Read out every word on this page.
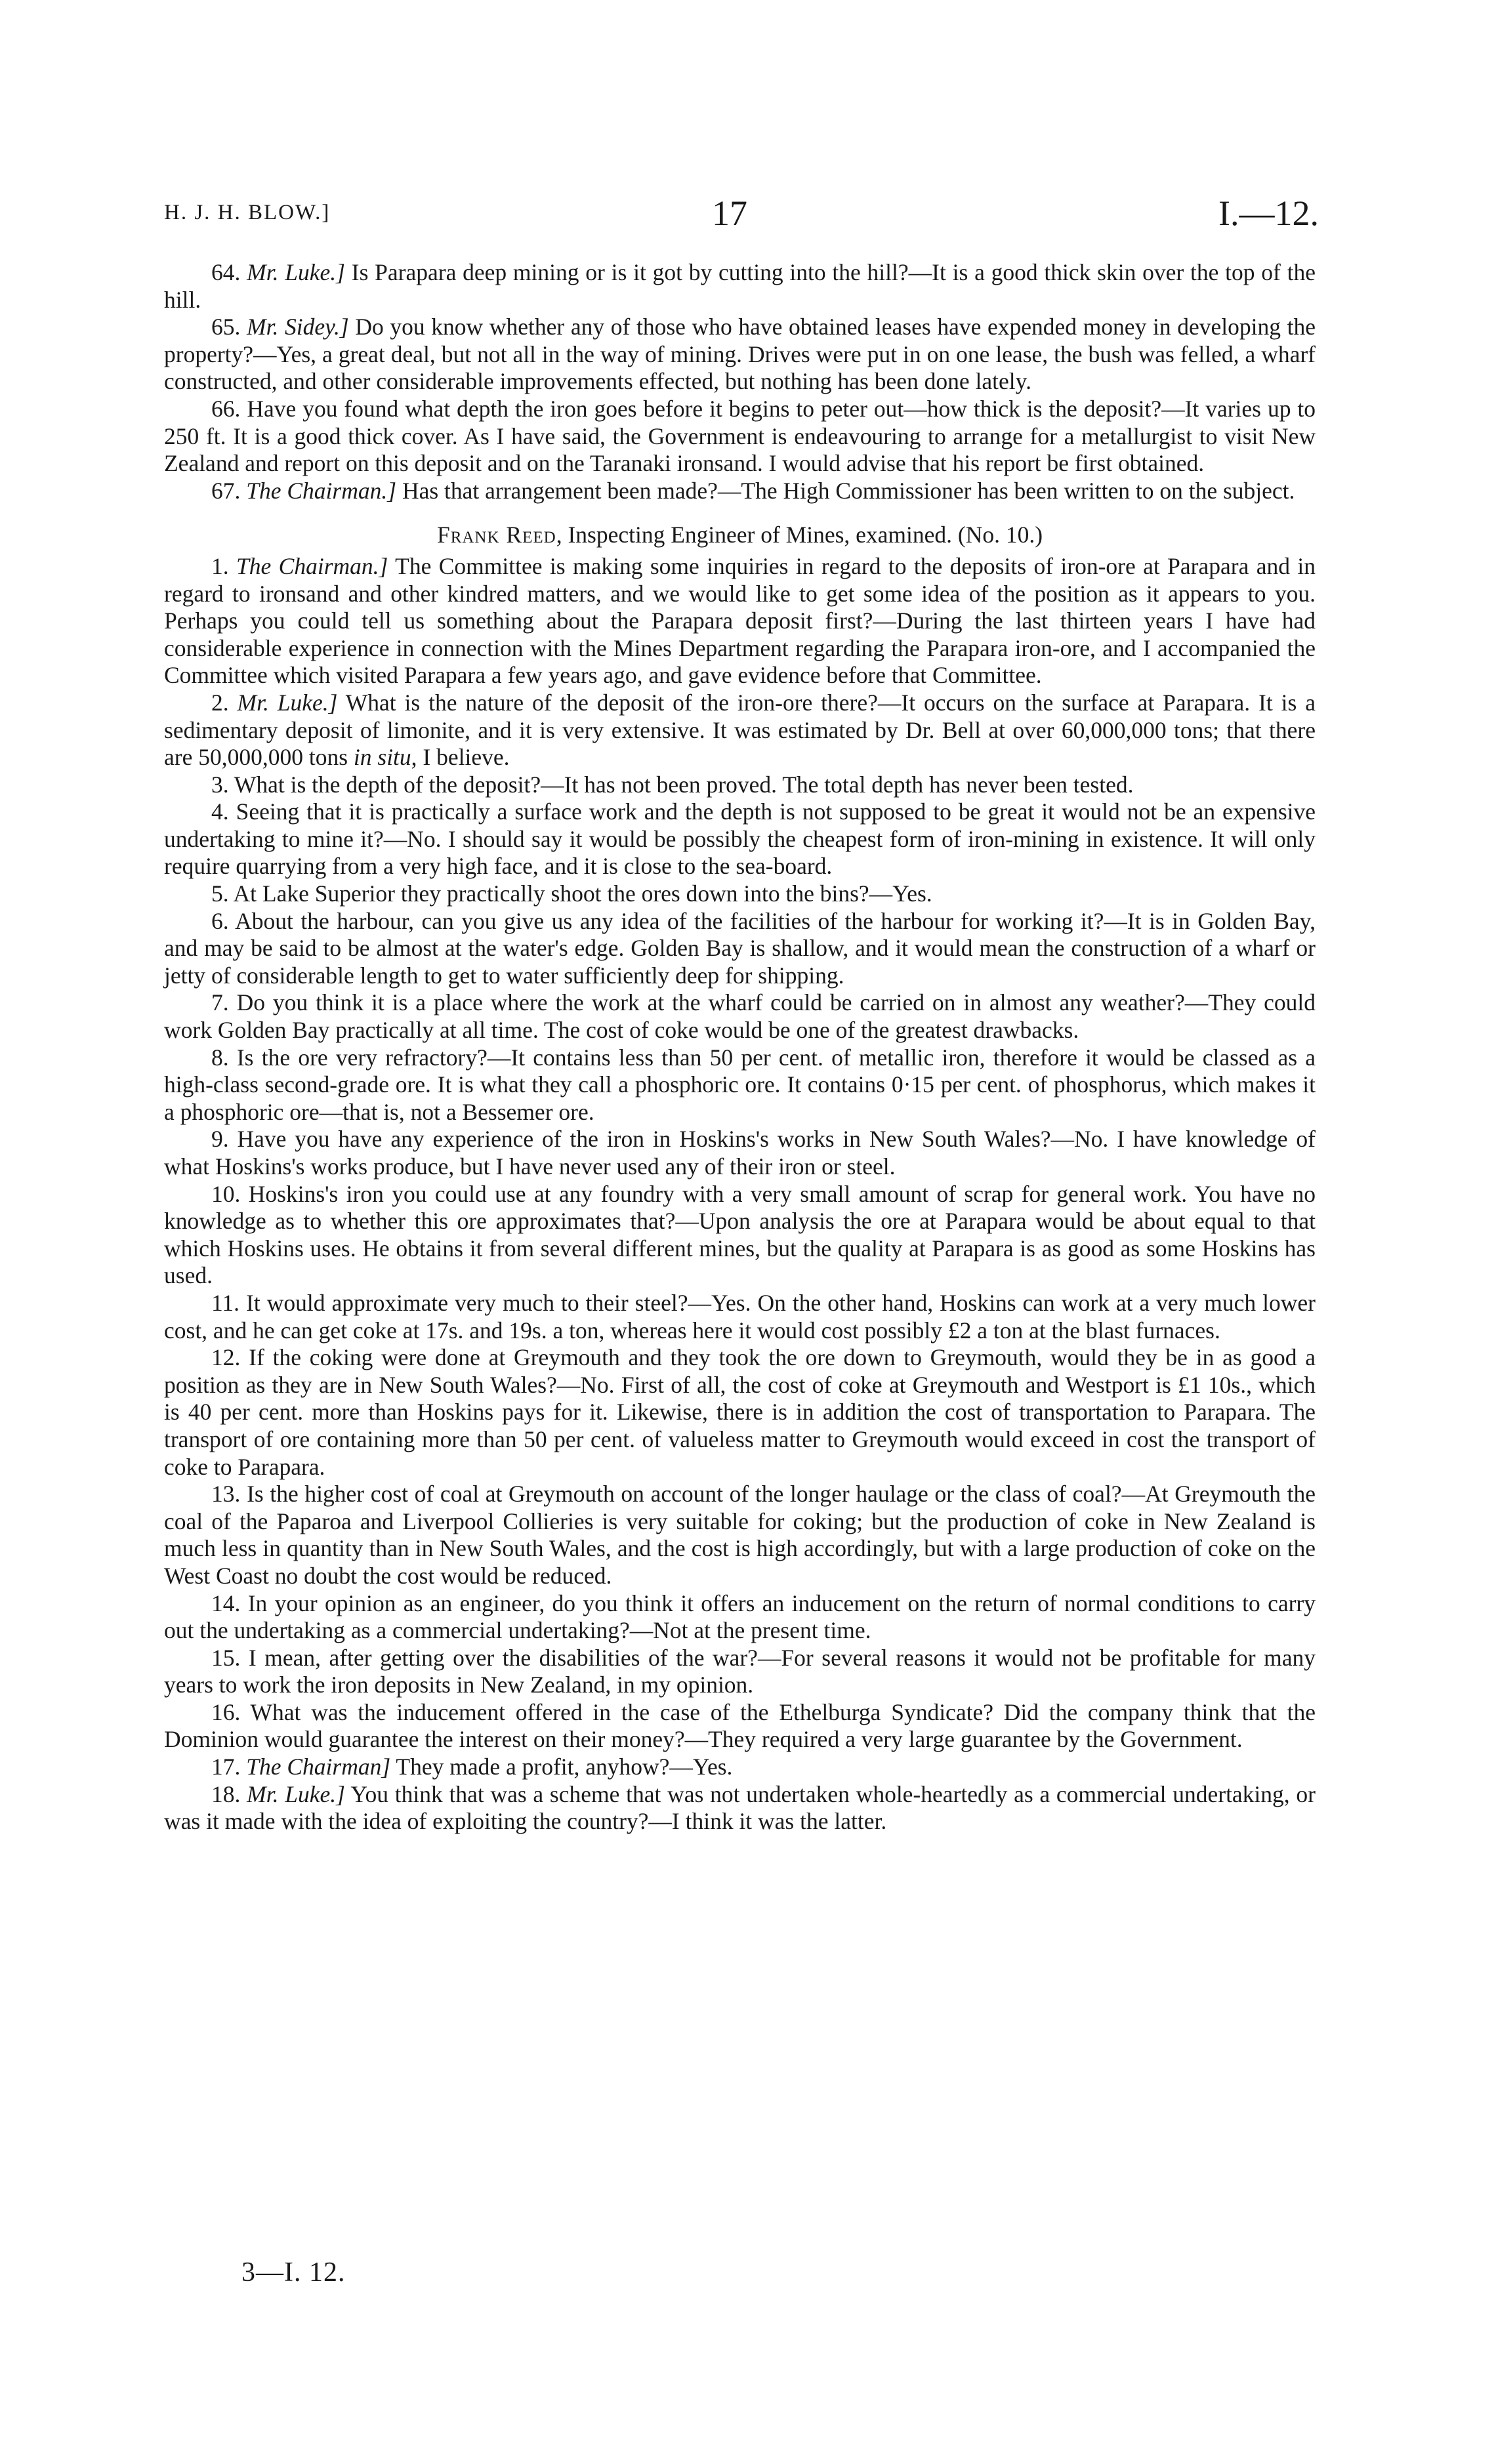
H. J. H. BLOW.]	17	I.—12.

64. Mr. Luke.] Is Parapara deep mining or is it got by cutting into the hill?—It is a good thick skin over the top of the hill.

65. Mr. Sidey.] Do you know whether any of those who have obtained leases have expended money in developing the property?—Yes, a great deal, but not all in the way of mining. Drives were put in on one lease, the bush was felled, a wharf constructed, and other considerable improvements effected, but nothing has been done lately.

66. Have you found what depth the iron goes before it begins to peter out—how thick is the deposit?—It varies up to 250 ft. It is a good thick cover. As I have said, the Government is endeavouring to arrange for a metallurgist to visit New Zealand and report on this deposit and on the Taranaki ironsand. I would advise that his report be first obtained.

67. The Chairman.] Has that arrangement been made?—The High Commissioner has been written to on the subject.

Frank Reed, Inspecting Engineer of Mines, examined. (No. 10.)

1. The Chairman.] The Committee is making some inquiries in regard to the deposits of iron-ore at Parapara and in regard to ironsand and other kindred matters, and we would like to get some idea of the position as it appears to you. Perhaps you could tell us something about the Parapara deposit first?—During the last thirteen years I have had considerable experience in connection with the Mines Department regarding the Parapara iron-ore, and I accompanied the Committee which visited Parapara a few years ago, and gave evidence before that Committee.

2. Mr. Luke.] What is the nature of the deposit of the iron-ore there?—It occurs on the surface at Parapara. It is a sedimentary deposit of limonite, and it is very extensive. It was estimated by Dr. Bell at over 60,000,000 tons; that there are 50,000,000 tons in situ, I believe.

3. What is the depth of the deposit?—It has not been proved. The total depth has never been tested.

4. Seeing that it is practically a surface work and the depth is not supposed to be great it would not be an expensive undertaking to mine it?—No. I should say it would be possibly the cheapest form of iron-mining in existence. It will only require quarrying from a very high face, and it is close to the sea-board.

5. At Lake Superior they practically shoot the ores down into the bins?—Yes.

6. About the harbour, can you give us any idea of the facilities of the harbour for working it?—It is in Golden Bay, and may be said to be almost at the water's edge. Golden Bay is shallow, and it would mean the construction of a wharf or jetty of considerable length to get to water sufficiently deep for shipping.

7. Do you think it is a place where the work at the wharf could be carried on in almost any weather?—They could work Golden Bay practically at all time. The cost of coke would be one of the greatest drawbacks.

8. Is the ore very refractory?—It contains less than 50 per cent. of metallic iron, therefore it would be classed as a high-class second-grade ore. It is what they call a phosphoric ore. It contains 0·15 per cent. of phosphorus, which makes it a phosphoric ore—that is, not a Bessemer ore.

9. Have you have any experience of the iron in Hoskins's works in New South Wales?—No. I have knowledge of what Hoskins's works produce, but I have never used any of their iron or steel.

10. Hoskins's iron you could use at any foundry with a very small amount of scrap for general work. You have no knowledge as to whether this ore approximates that?—Upon analysis the ore at Parapara would be about equal to that which Hoskins uses. He obtains it from several different mines, but the quality at Parapara is as good as some Hoskins has used.

11. It would approximate very much to their steel?—Yes. On the other hand, Hoskins can work at a very much lower cost, and he can get coke at 17s. and 19s. a ton, whereas here it would cost possibly £2 a ton at the blast furnaces.

12. If the coking were done at Greymouth and they took the ore down to Greymouth, would they be in as good a position as they are in New South Wales?—No. First of all, the cost of coke at Greymouth and Westport is £1 10s., which is 40 per cent. more than Hoskins pays for it. Likewise, there is in addition the cost of transportation to Parapara. The transport of ore containing more than 50 per cent. of valueless matter to Greymouth would exceed in cost the transport of coke to Parapara.

13. Is the higher cost of coal at Greymouth on account of the longer haulage or the class of coal?—At Greymouth the coal of the Paparoa and Liverpool Collieries is very suitable for coking; but the production of coke in New Zealand is much less in quantity than in New South Wales, and the cost is high accordingly, but with a large production of coke on the West Coast no doubt the cost would be reduced.

14. In your opinion as an engineer, do you think it offers an inducement on the return of normal conditions to carry out the undertaking as a commercial undertaking?—Not at the present time.

15. I mean, after getting over the disabilities of the war?—For several reasons it would not be profitable for many years to work the iron deposits in New Zealand, in my opinion.

16. What was the inducement offered in the case of the Ethelburga Syndicate? Did the company think that the Dominion would guarantee the interest on their money?—They required a very large guarantee by the Government.

17. The Chairman] They made a profit, anyhow?—Yes.

18. Mr. Luke.] You think that was a scheme that was not undertaken whole-heartedly as a commercial undertaking, or was it made with the idea of exploiting the country?—I think it was the latter.

3—I. 12.
